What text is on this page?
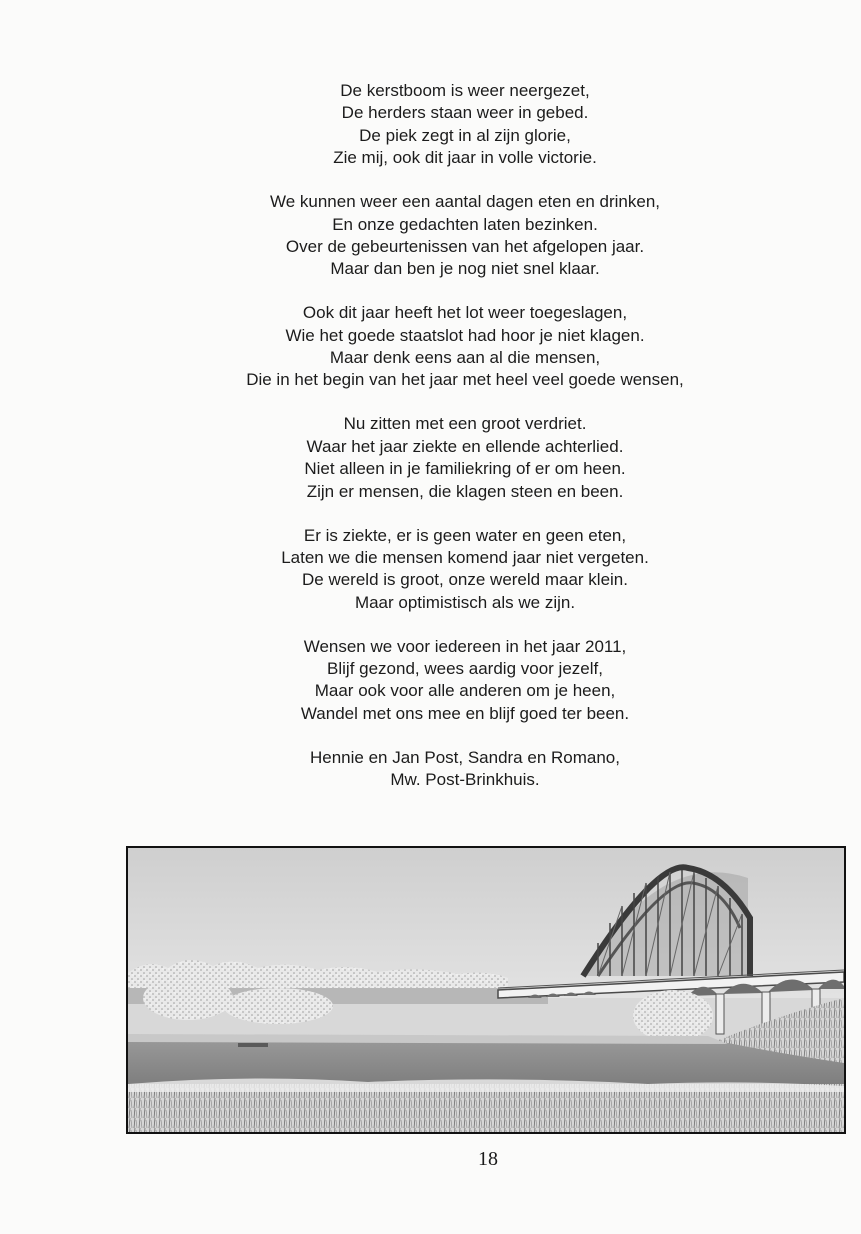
De kerstboom is weer neergezet,
De herders staan weer in gebed.
De piek zegt in al zijn glorie,
Zie mij, ook dit jaar in volle victorie.
We kunnen weer een aantal dagen eten en drinken,
En onze gedachten laten bezinken.
Over de gebeurtenissen van het afgelopen jaar.
Maar dan ben je nog niet snel klaar.
Ook dit jaar heeft het lot weer toegeslagen,
Wie het goede staatslot had hoor je niet klagen.
Maar denk eens aan al die mensen,
Die in het begin van het jaar met heel veel goede wensen,
Nu zitten met een groot verdriet.
Waar het jaar ziekte en ellende achterlied.
Niet alleen in je familiekring of er om heen.
Zijn er mensen, die klagen steen en been.
Er is ziekte, er is geen water en geen eten,
Laten we die mensen komend jaar niet vergeten.
De wereld is groot, onze wereld maar klein.
Maar optimistisch als we zijn.
Wensen we voor iedereen in het jaar 2011,
Blijf gezond, wees aardig voor jezelf,
Maar ook voor alle anderen om je heen,
Wandel met ons mee en blijf goed ter been.
Hennie en Jan Post, Sandra en Romano,
Mw. Post-Brinkhuis.
18
